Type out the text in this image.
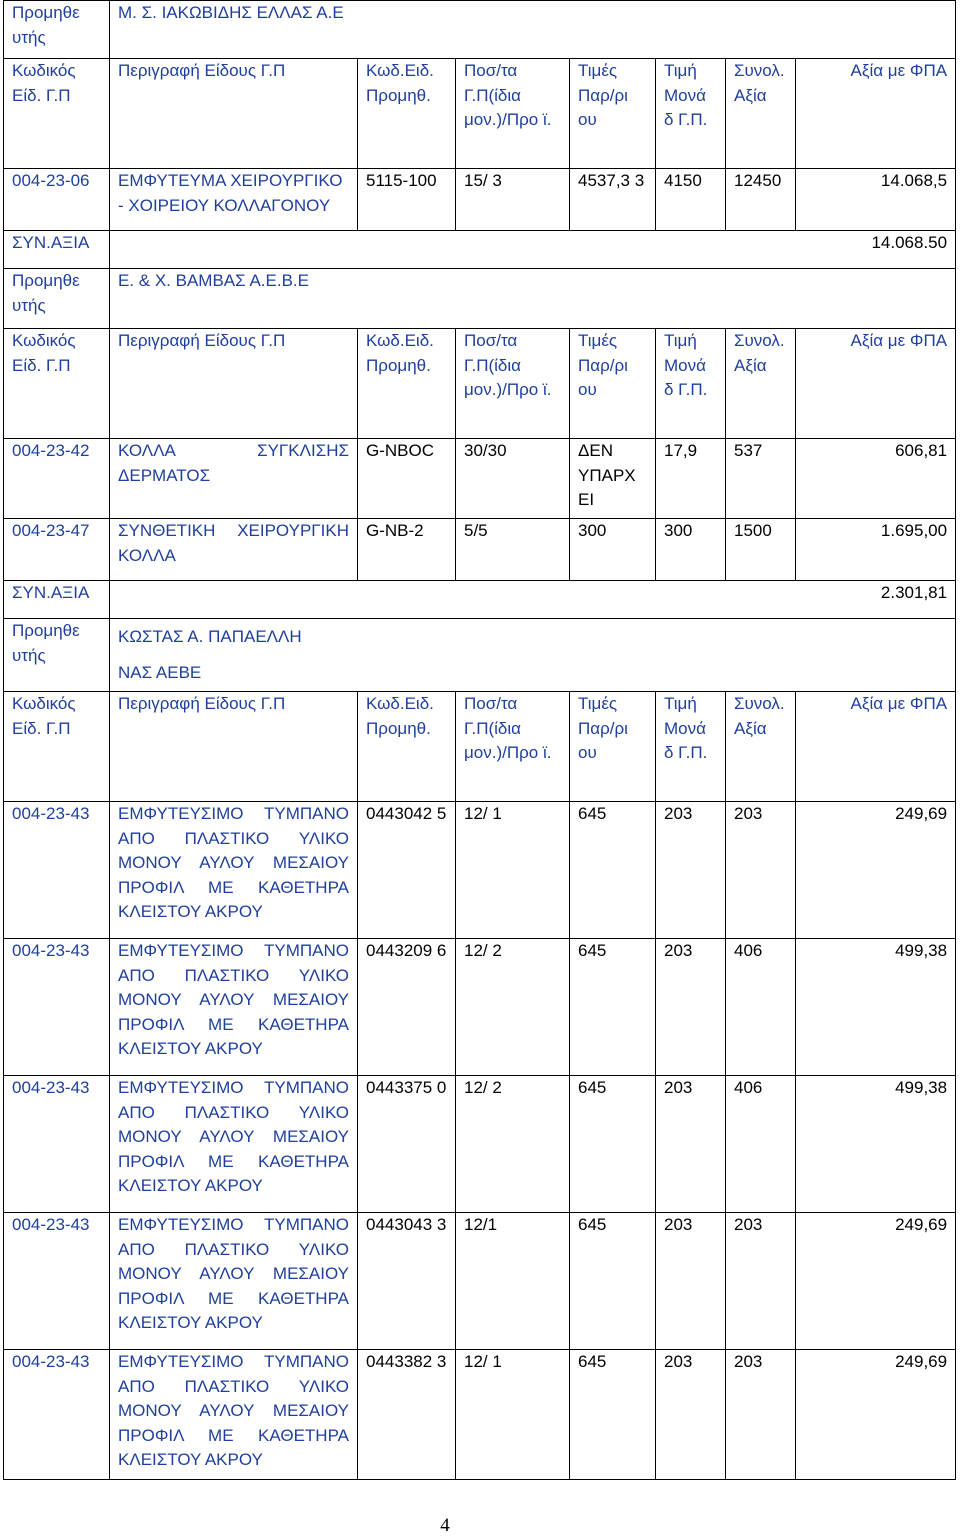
Προμηθε υτής	Μ. Σ. ΙΑΚΩΒΙΔΗΣ ΕΛΛΑΣ Α.Ε						
Κωδικός Είδ. Γ.Π	Περιγραφή Είδους Γ.Π	Κωδ.Ειδ. Προμηθ.	Ποσ/τα Γ.Π(ίδια μον.)/Προ ϊ.	Τιμές Παρ/ρι ου	Τιμή Μονά δ Γ.Π.	Συνολ.Αξία	Αξία με ΦΠΑ
004-23-06	ΕΜΦΥΤΕΥΜΑ ΧΕΙΡΟΥΡΓΙΚΟ - ΧΟΙΡΕΙΟΥ ΚΟΛΛΑΓΟΝΟΥ	5115-100	15/ 3	4537,3 3	4150	12450	14.068,5
ΣΥΝ.ΑΞΙΑ	14.068.50						
Προμηθε υτής	Ε. & Χ. ΒΑΜΒΑΣ Α.Ε.Β.Ε						
Κωδικός Είδ. Γ.Π	Περιγραφή Είδους Γ.Π	Κωδ.Ειδ. Προμηθ.	Ποσ/τα Γ.Π(ίδια μον.)/Προ ϊ.	Τιμές Παρ/ρι ου	Τιμή Μονά δ Γ.Π.	Συνολ.Αξία	Αξία με ΦΠΑ
004-23-42	ΚΟΛΛΑ ΣΥΓΚΛΙΣΗΣ ΔΕΡΜΑΤΟΣ	G-NBOC	30/30	ΔΕΝ ΥΠΑΡΧ ΕΙ	17,9	537	606,81
004-23-47	ΣΥΝΘΕΤΙΚΗ ΧΕΙΡΟΥΡΓΙΚΗ ΚΟΛΛΑ	G-NB-2	5/5	300	300	1500	1.695,00
ΣΥΝ.ΑΞΙΑ	2.301,81						
Προμηθε υτής	ΚΩΣΤΑΣ Α. ΠΑΠΑΕΛΛΗ
ΝΑΣ ΑΕΒΕ						

Κωδικός Είδ. Γ.Π	Περιγραφή Είδους Γ.Π	Κωδ.Ειδ. Προμηθ.	Ποσ/τα Γ.Π(ίδια μον.)/Προ ϊ.	Τιμές Παρ/ρι ου	Τιμή Μονά δ Γ.Π.	Συνολ.Αξία	Αξία με ΦΠΑ
004-23-43	ΕΜΦΥΤΕΥΣΙΜΟ ΤΥΜΠΑΝΟ ΑΠΟ ΠΛΑΣΤΙΚΟ ΥΛΙΚΟ ΜΟΝΟΥ ΑΥΛΟΥ ΜΕΣΑΙΟΥ ΠΡΟΦΙΛ ΜΕ ΚΑΘΕΤΗΡΑ ΚΛΕΙΣΤΟΥ ΑΚΡΟΥ	0443042 5	12/ 1	645	203	203	249,69
004-23-43	ΕΜΦΥΤΕΥΣΙΜΟ ΤΥΜΠΑΝΟ ΑΠΟ ΠΛΑΣΤΙΚΟ ΥΛΙΚΟ ΜΟΝΟΥ ΑΥΛΟΥ ΜΕΣΑΙΟΥ ΠΡΟΦΙΛ ΜΕ ΚΑΘΕΤΗΡΑ ΚΛΕΙΣΤΟΥ ΑΚΡΟΥ	0443209 6	12/ 2	645	203	406	499,38
004-23-43	ΕΜΦΥΤΕΥΣΙΜΟ ΤΥΜΠΑΝΟ ΑΠΟ ΠΛΑΣΤΙΚΟ ΥΛΙΚΟ ΜΟΝΟΥ ΑΥΛΟΥ ΜΕΣΑΙΟΥ ΠΡΟΦΙΛ ΜΕ ΚΑΘΕΤΗΡΑ ΚΛΕΙΣΤΟΥ ΑΚΡΟΥ	0443375 0	12/ 2	645	203	406	499,38
004-23-43	ΕΜΦΥΤΕΥΣΙΜΟ ΤΥΜΠΑΝΟ ΑΠΟ ΠΛΑΣΤΙΚΟ ΥΛΙΚΟ ΜΟΝΟΥ ΑΥΛΟΥ ΜΕΣΑΙΟΥ ΠΡΟΦΙΛ ΜΕ ΚΑΘΕΤΗΡΑ ΚΛΕΙΣΤΟΥ ΑΚΡΟΥ	0443043 3	12/1	645	203	203	249,69
004-23-43	ΕΜΦΥΤΕΥΣΙΜΟ ΤΥΜΠΑΝΟ ΑΠΟ ΠΛΑΣΤΙΚΟ ΥΛΙΚΟ ΜΟΝΟΥ ΑΥΛΟΥ ΜΕΣΑΙΟΥ ΠΡΟΦΙΛ ΜΕ ΚΑΘΕΤΗΡΑ ΚΛΕΙΣΤΟΥ ΑΚΡΟΥ	0443382 3	12/ 1	645	203	203	249,69
4
